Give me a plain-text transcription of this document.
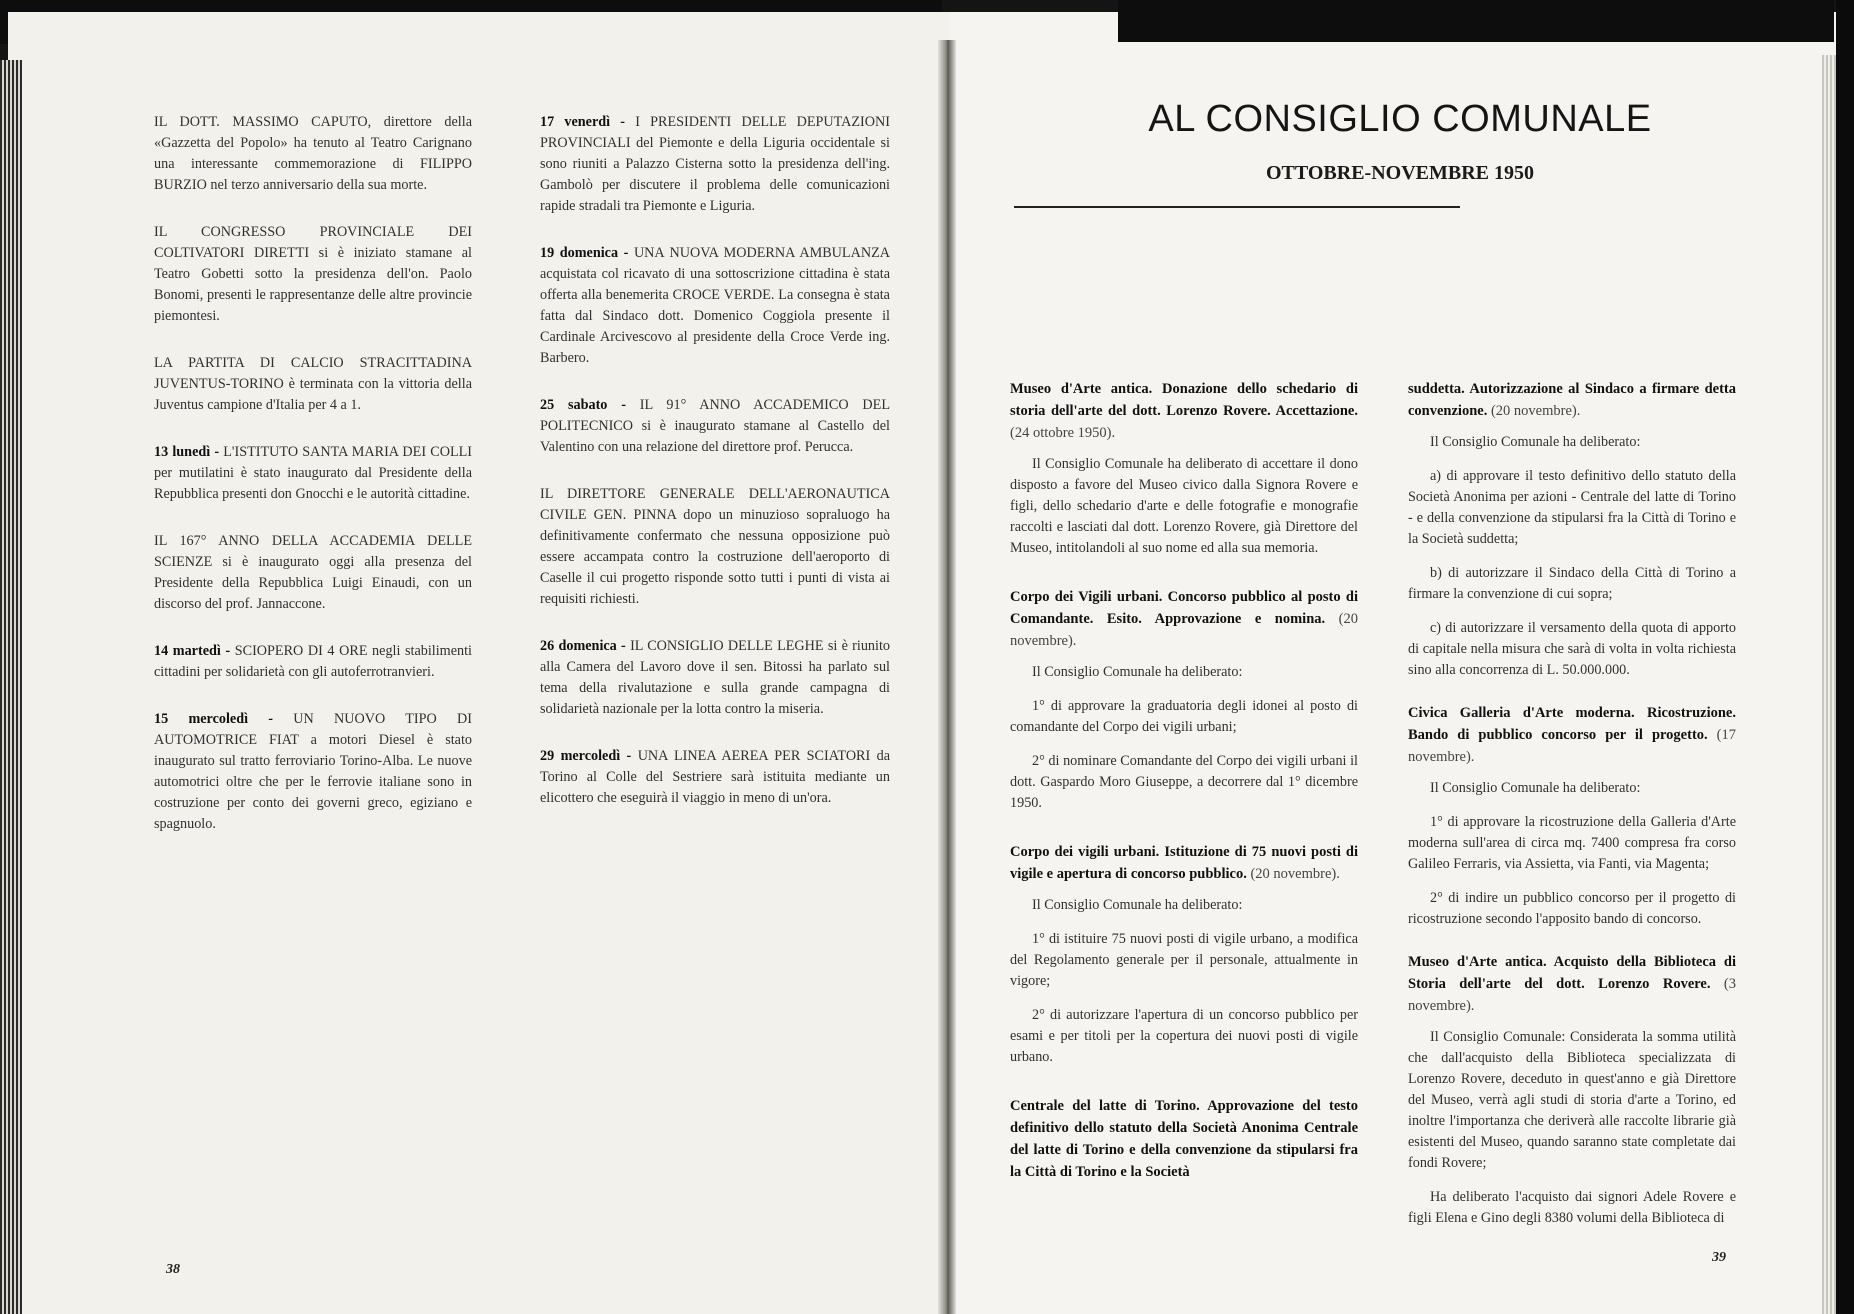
IL DOTT. MASSIMO CAPUTO, direttore della «Gazzetta del Popolo» ha tenuto al Teatro Carignano una interessante commemorazione di FILIPPO BURZIO nel terzo anniversario della sua morte.
IL CONGRESSO PROVINCIALE DEI COLTIVATORI DIRETTI si è iniziato stamane al Teatro Gobetti sotto la presidenza dell'on. Paolo Bonomi, presenti le rappresentanze delle altre provincie piemontesi.
LA PARTITA DI CALCIO STRACITTADINA JUVENTUS-TORINO è terminata con la vittoria della Juventus campione d'Italia per 4 a 1.
13 lunedì - L'ISTITUTO SANTA MARIA DEI COLLI per mutilatini è stato inaugurato dal Presidente della Repubblica presenti don Gnocchi e le autorità cittadine.
IL 167° ANNO DELLA ACCADEMIA DELLE SCIENZE si è inaugurato oggi alla presenza del Presidente della Repubblica Luigi Einaudi, con un discorso del prof. Jannaccone.
14 martedì - SCIOPERO DI 4 ORE negli stabilimenti cittadini per solidarietà con gli autoferrotranvieri.
15 mercoledì - UN NUOVO TIPO DI AUTOMOTRICE FIAT a motori Diesel è stato inaugurato sul tratto ferroviario Torino-Alba. Le nuove automotrici oltre che per le ferrovie italiane sono in costruzione per conto dei governi greco, egiziano e spagnuolo.
17 venerdì - I PRESIDENTI DELLE DEPUTAZIONI PROVINCIALI del Piemonte e della Liguria occidentale si sono riuniti a Palazzo Cisterna sotto la presidenza dell'ing. Gambolò per discutere il problema delle comunicazioni rapide stradali tra Piemonte e Liguria.
19 domenica - UNA NUOVA MODERNA AMBULANZA acquistata col ricavato di una sottoscrizione cittadina è stata offerta alla benemerita CROCE VERDE. La consegna è stata fatta dal Sindaco dott. Domenico Coggiola presente il Cardinale Arcivescovo al presidente della Croce Verde ing. Barbero.
25 sabato - IL 91° ANNO ACCADEMICO DEL POLITECNICO si è inaugurato stamane al Castello del Valentino con una relazione del direttore prof. Perucca.
IL DIRETTORE GENERALE DELL'AERONAUTICA CIVILE GEN. PINNA dopo un minuzioso sopraluogo ha definitivamente confermato che nessuna opposizione può essere accampata contro la costruzione dell'aeroporto di Caselle il cui progetto risponde sotto tutti i punti di vista ai requisiti richiesti.
26 domenica - IL CONSIGLIO DELLE LEGHE si è riunito alla Camera del Lavoro dove il sen. Bitossi ha parlato sul tema della rivalutazione e sulla grande campagna di solidarietà nazionale per la lotta contro la miseria.
29 mercoledì - UNA LINEA AEREA PER SCIATORI da Torino al Colle del Sestriere sarà istituita mediante un elicottero che eseguirà il viaggio in meno di un'ora.
38
AL CONSIGLIO COMUNALE
OTTOBRE-NOVEMBRE 1950
Museo d'Arte antica. Donazione dello schedario di storia dell'arte del dott. Lorenzo Rovere. Accettazione. (24 ottobre 1950).

Il Consiglio Comunale ha deliberato di accettare il dono disposto a favore del Museo civico dalla Signora Rovere e figli, dello schedario d'arte e delle fotografie e monografie raccolti e lasciati dal dott. Lorenzo Rovere, già Direttore del Museo, intitolandoli al suo nome ed alla sua memoria.

Corpo dei Vigili urbani. Concorso pubblico al posto di Comandante. Esito. Approvazione e nomina. (20 novembre).

Il Consiglio Comunale ha deliberato:

1° di approvare la graduatoria degli idonei al posto di comandante del Corpo dei vigili urbani;

2° di nominare Comandante del Corpo dei vigili urbani il dott. Gaspardo Moro Giuseppe, a decorrere dal 1° dicembre 1950.

Corpo dei vigili urbani. Istituzione di 75 nuovi posti di vigile e apertura di concorso pubblico. (20 novembre).

Il Consiglio Comunale ha deliberato:

1° di istituire 75 nuovi posti di vigile urbano, a modifica del Regolamento generale per il personale, attualmente in vigore;

2° di autorizzare l'apertura di un concorso pubblico per esami e per titoli per la copertura dei nuovi posti di vigile urbano.

Centrale del latte di Torino. Approvazione del testo definitivo dello statuto della Società Anonima Centrale del latte di Torino e della convenzione da stipularsi fra la Città di Torino e la Società
suddetta. Autorizzazione al Sindaco a firmare detta convenzione. (20 novembre).

Il Consiglio Comunale ha deliberato:

a) di approvare il testo definitivo dello statuto della Società Anonima per azioni - Centrale del latte di Torino - e della convenzione da stipularsi fra la Città di Torino e la Società suddetta;

b) di autorizzare il Sindaco della Città di Torino a firmare la convenzione di cui sopra;

c) di autorizzare il versamento della quota di apporto di capitale nella misura che sarà di volta in volta richiesta sino alla concorrenza di L. 50.000.000.

Civica Galleria d'Arte moderna. Ricostruzione. Bando di pubblico concorso per il progetto. (17 novembre).

Il Consiglio Comunale ha deliberato:

1° di approvare la ricostruzione della Galleria d'Arte moderna sull'area di circa mq. 7400 compresa fra corso Galileo Ferraris, via Assietta, via Fanti, via Magenta;

2° di indire un pubblico concorso per il progetto di ricostruzione secondo l'apposito bando di concorso.

Museo d'Arte antica. Acquisto della Biblioteca di Storia dell'arte del dott. Lorenzo Rovere. (3 novembre).

Il Consiglio Comunale: Considerata la somma utilità che dall'acquisto della Biblioteca specializzata di Lorenzo Rovere, deceduto in quest'anno e già Direttore del Museo, verrà agli studi di storia d'arte a Torino, ed inoltre l'importanza che deriverà alle raccolte librarie già esistenti del Museo, quando saranno state completate dai fondi Rovere;

Ha deliberato l'acquisto dai signori Adele Rovere e figli Elena e Gino degli 8380 volumi della Biblioteca di

39
